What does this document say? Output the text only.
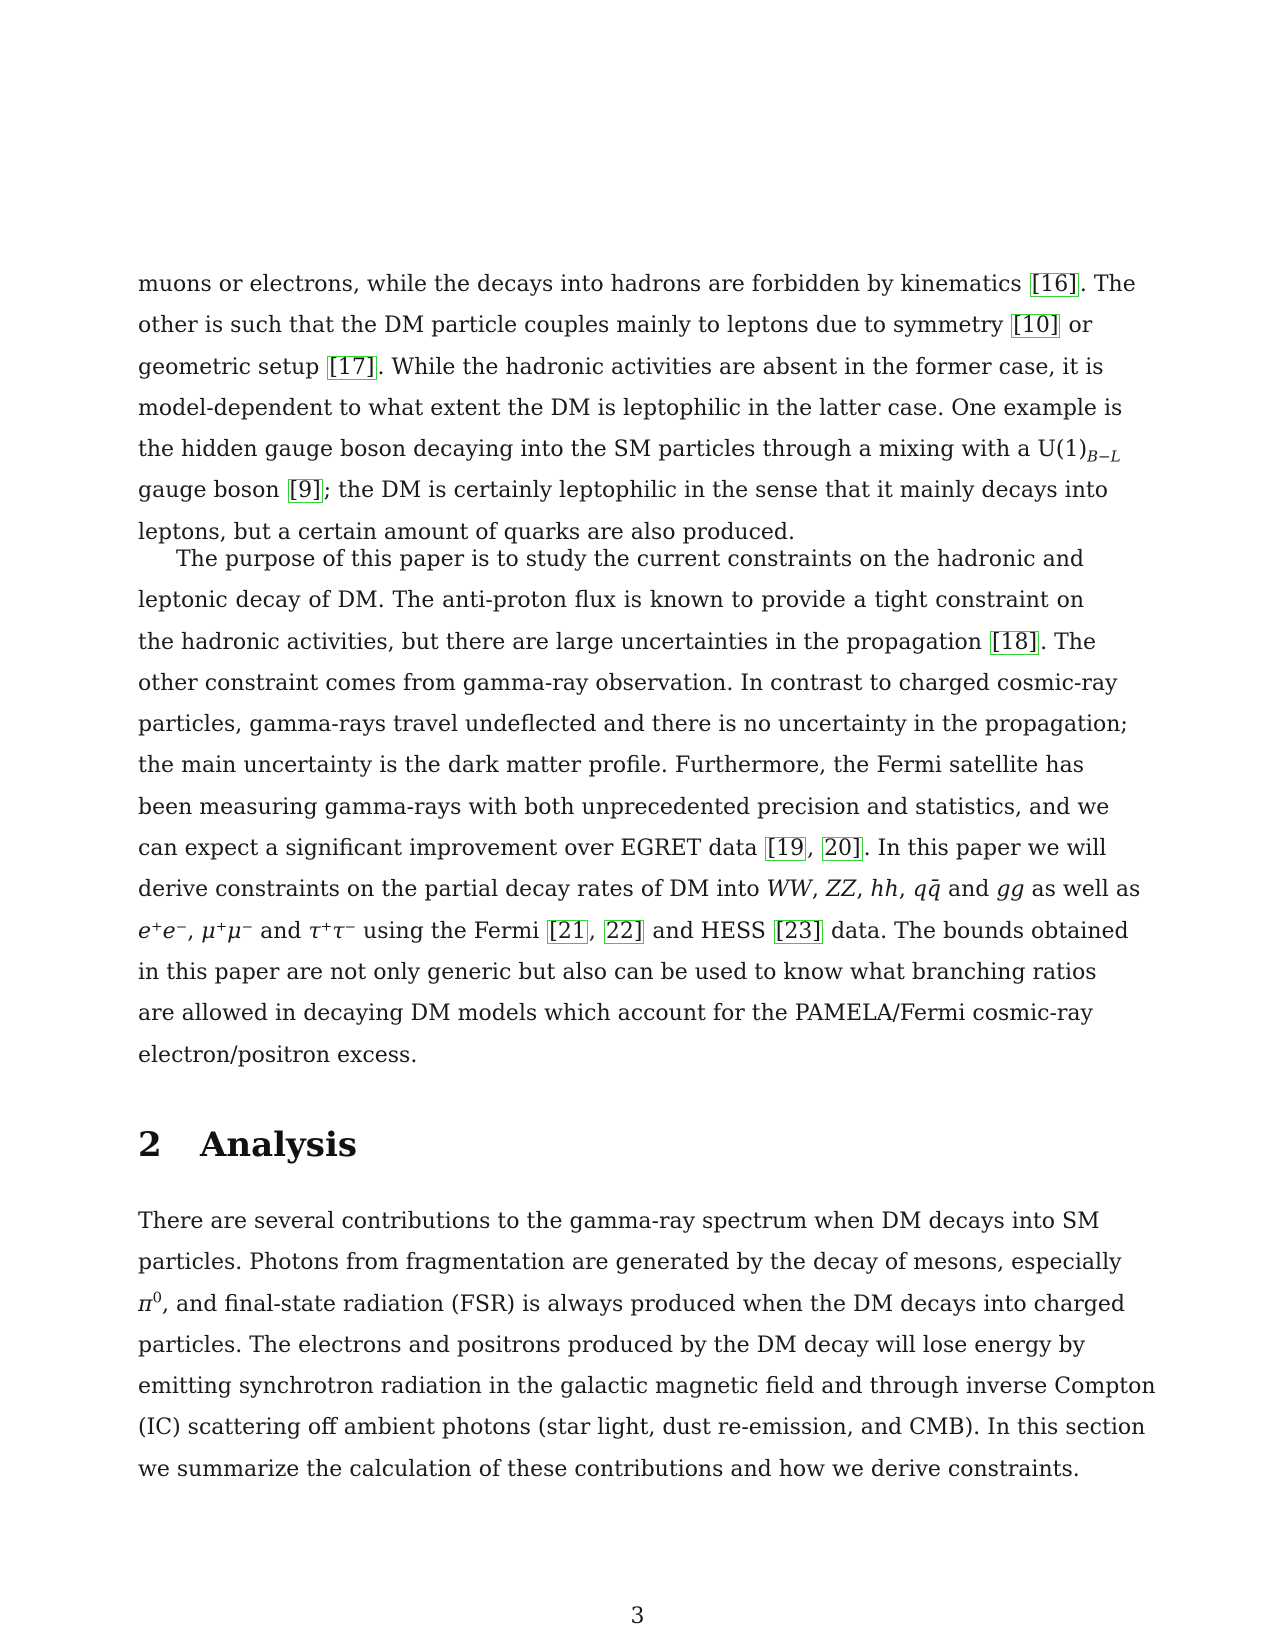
muons or electrons, while the decays into hadrons are forbidden by kinematics [16] . The
other is such that the DM particle couples mainly to leptons due to symmetry [10] or
geometric setup [17] . While the hadronic activities are absent in the former case, it is
model-dependent to what extent the DM is leptophilic in the latter case. One example is
the hidden gauge boson decaying into the SM particles through a mixing with a $U(1)_{B-L}$
gauge boson [9] ; the DM is certainly leptophilic in the sense that it mainly decays into
leptons, but a certain amount of quarks are also produced.
The purpose of this paper is to study the current constraints on the hadronic and
leptonic decay of DM. The anti-proton flux is known to provide a tight constraint on
the hadronic activities, but there are large uncertainties in the propagation [18] . The
other constraint comes from gamma-ray observation. In contrast to charged cosmic-ray
particles, gamma-rays travel undeflected and there is no uncertainty in the propagation;
the main uncertainty is the dark matter profile. Furthermore, the Fermi satellite has
been measuring gamma-rays with both unprecedented precision and statistics, and we
can expect a significant improvement over EGRET data [19 , 20] . In this paper we will
derive constraints on the partial decay rates of DM into WW, ZZ, hh, qq̄ and gg as well as
e⁺e⁻, μ⁺μ⁻ and τ⁺τ⁻ using the Fermi [21 , 22] and HESS [23] data. The bounds obtained
in this paper are not only generic but also can be used to know what branching ratios
are allowed in decaying DM models which account for the PAMELA/Fermi cosmic-ray
electron/positron excess.
2 Analysis
There are several contributions to the gamma-ray spectrum when DM decays into SM
particles. Photons from fragmentation are generated by the decay of mesons, especially
$\pi^0$, and final-state radiation (FSR) is always produced when the DM decays into charged
particles. The electrons and positrons produced by the DM decay will lose energy by
emitting synchrotron radiation in the galactic magnetic field and through inverse Compton
(IC) scattering off ambient photons (star light, dust re-emission, and CMB). In this section
we summarize the calculation of these contributions and how we derive constraints.
3
